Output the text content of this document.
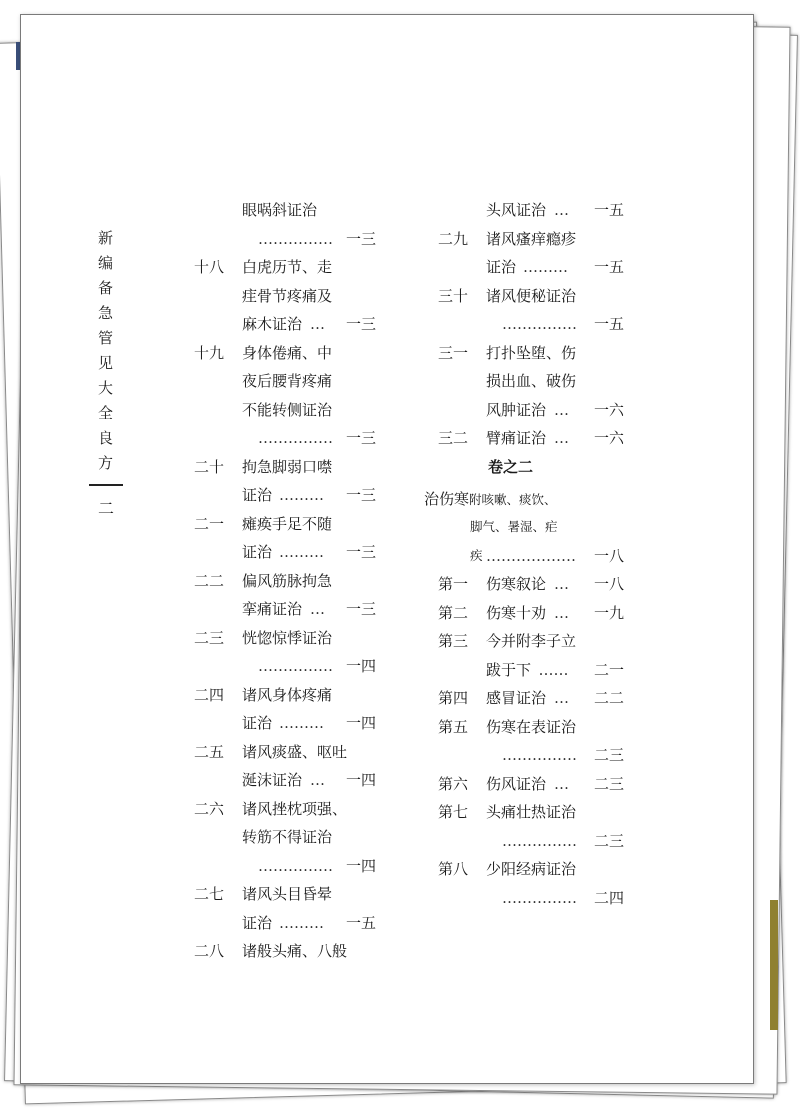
新
编
备
急
管
见
大
全
良
方
二
眼㖞斜证治
…………… 一三
十八 白虎历节、走
疰骨节疼痛及
麻木证治 … 一三
十九 身体倦痛、中
夜后腰背疼痛
不能转侧证治
…………… 一三
二十 拘急脚弱口噤
证治 ……… 一三
二一 瘫痪手足不随
证治 ……… 一三
二二 偏风筋脉拘急
挛痛证治 … 一三
二三 恍惚惊悸证治
…………… 一四
二四 诸风身体疼痛
证治 ……… 一四
二五 诸风痰盛、呕吐
涎沫证治 … 一四
二六 诸风挫枕项强、
转筋不得证治
…………… 一四
二七 诸风头目昏晕
证治 ……… 一五
二八 诸般头痛、八般
头风证治 … 一五
二九 诸风瘙痒瘾疹
证治 ……… 一五
三十 诸风便秘证治
…………… 一五
三一 打扑坠堕、伤
损出血、破伤
风肿证治 … 一六
三二 臂痛证治 … 一六
卷之二
治伤寒附咳嗽、痰饮、
脚气、暑湿、疟
疾 ……………… 一八
第一 伤寒叙论 … 一八
第二 伤寒十劝 … 一九
第三 今并附李子立
跋于下 …… 二一
第四 感冒证治 … 二二
第五 伤寒在表证治
…………… 二三
第六 伤风证治 … 二三
第七 头痛壮热证治
…………… 二三
第八 少阳经病证治
…………… 二四
